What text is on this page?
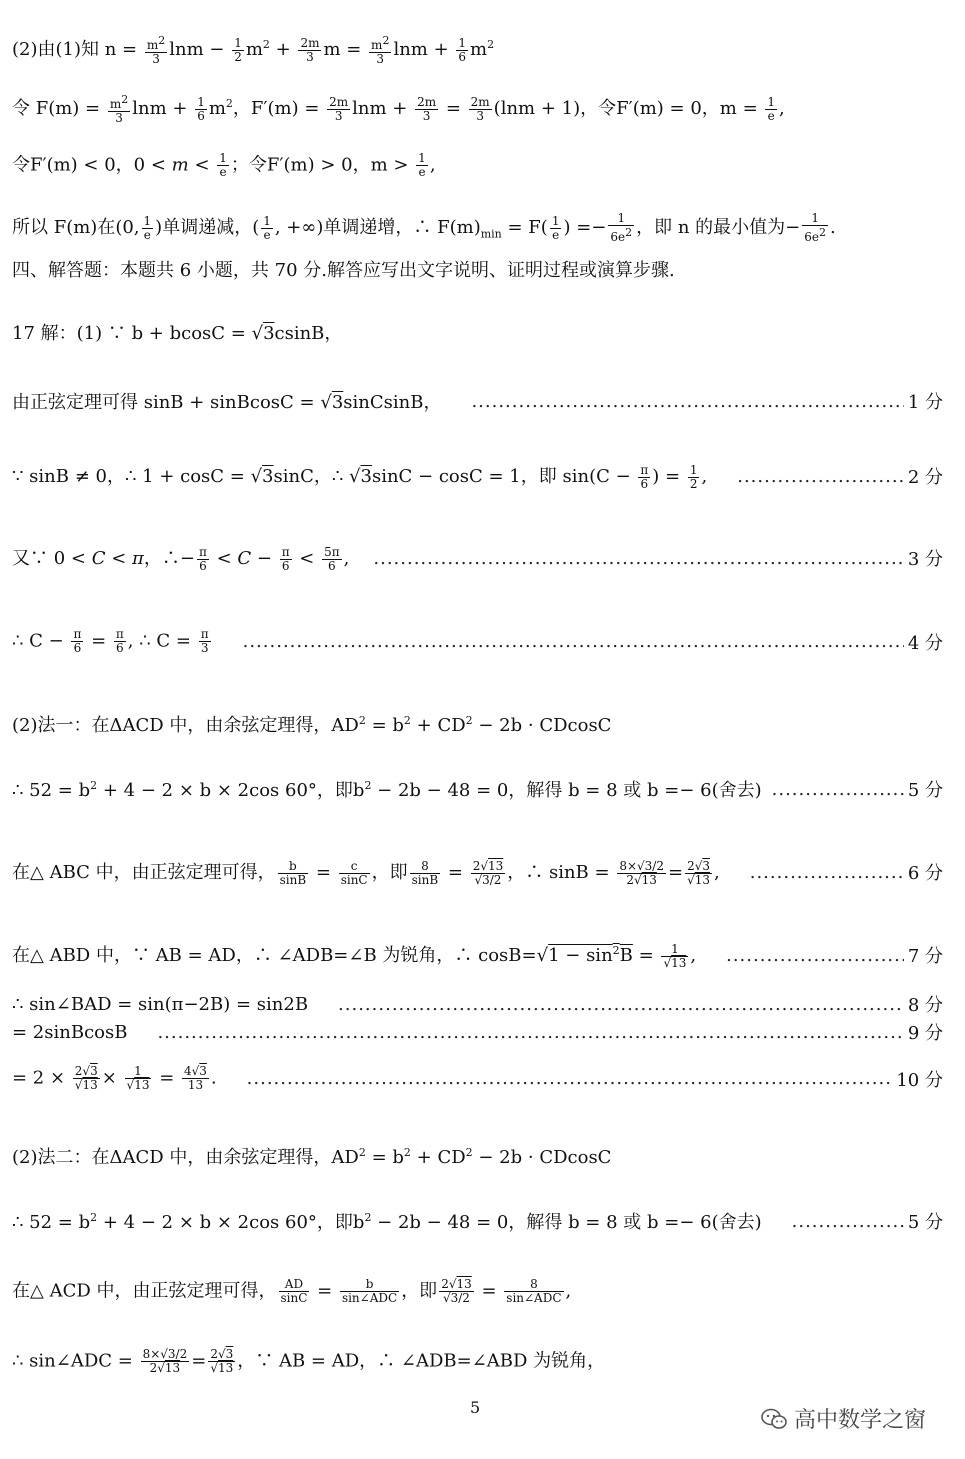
(2)由(1)知 $n = \frac{m^2}{3}$ $\ln m - \frac{1}{2} m^2 + \frac{2m}{3}$ $m = \frac{m^2}{3}$ $\ln m + \frac{1}{6} m^2$
令 $F(m) = \frac{m^2}{3}$ $\ln m + \frac{1}{6} m^2$，$F'(m) = \frac{2m}{3}$ $\ln m + \frac{2m}{3} = \frac{2m}{3} (\ln m + 1)$，令F′(m) = 0，$m = \frac{1}{e}$ ,
令F′(m) < 0，$0 < m < \frac{1}{e}$ ；令F′(m) > 0，$m > \frac{1}{e}$ ,
所以 F(m)在(0, $\frac{1}{e}$ )单调递减，( $\frac{1}{e}$ , +∞)单调递增，∴ $F(m)_{min} = F( \frac{1}{e}$ ) =− $\frac{1}{6e^2}$ ，即 n 的最小值为− $\frac{1}{6e^2}$ .
四、解答题：本题共 6 小题，共 70 分.解答应写出文字说明、证明过程或演算步骤.
17 解：(1) ∵ b + bcosC = √3csinB，
由正弦定理可得 sinB + sinBcosC = √3sinCsinB， .....	1 分
∵ sinB ≠ 0，∴ 1 + cosC = √3sinC，∴ √3sinC − cosC = 1，即 $\sin(C - \frac{\pi}{6}$ ) = $\frac{1}{2}$ , .....	2 分
又∵ 0 < C < π，∴− $\frac{\pi}{6} < C - \frac{\pi}{6} < \frac{5\pi}{6}$ , .....	3 分
∴ $C - \frac{\pi}{6} = \frac{\pi}{6}$ , ∴ $C = \frac{\pi}{3}$ .....	4 分
(2)法一：在ΔACD 中，由余弦定理得，$AD^2 = b^2 + CD^2 - 2b \cdot CDcosC$
∴ $52 = b^2 + 4 - 2 \times b \times 2\cos$ 60°，即$b^2 - 2b - 48 = 0$，解得 b = 8 或 b =− 6(舍去) .....	5 分
在△ ABC 中，由正弦定理可得， $\frac{b}{\sin B} = \frac{c}{\sin C}$ ，即 $\frac{8}{\sin B} = \frac{2√13}{√3/2}$ ，∴ $\sin B = \frac{8\times√3/2}{2√13} = \frac{2√3}{√13}$ , .....	6 分
在△ ABD 中，∵ AB = AD，∴ ∠ADB=∠B 为锐角，∴ $\cos B=√1 - \sin^2B = \frac{1}{√13}$ , .....	7 分
∴ sin∠BAD = sin(π−2B) = sin2B .....	8 分
= 2sinBcosB .....	9 分
= $2 \times \frac{2√3}{√13} \times \frac{1}{√13} = \frac{4√3}{13}$ . .....	10 分
(2)法二：在ΔACD 中，由余弦定理得，$AD^2 = b^2 + CD^2 - 2b \cdot CDcosC$
∴ $52 = b^2 + 4 - 2 \times b \times 2\cos$ 60°，即$b^2 - 2b - 48 = 0$，解得 b = 8 或 b =− 6(舍去) .....	5 分
在△ ACD 中，由正弦定理可得， $\frac{AD}{\sin C} = \frac{b}{\text{sin∠ADC}}$ ，即 $\frac{2√13}{√3/2} = \frac{8}{\text{sin∠ADC}}$ ,
∴ sin∠ADC = $\frac{8\times√3/2}{2√13} = \frac{2√3}{√13}$ ，∵ AB = AD，∴ ∠ADB=∠ABD 为锐角，
5
高中数学之窗
